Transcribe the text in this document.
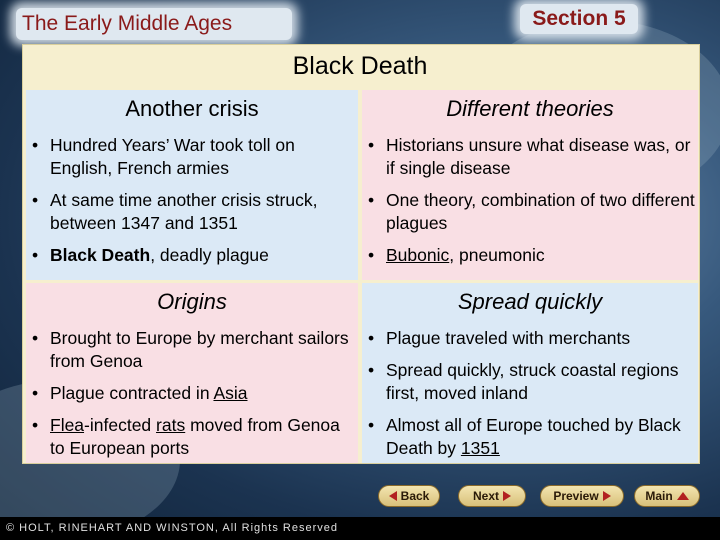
The Early Middle Ages	Section 5
Black Death
Another crisis
• Hundred Years’ War took toll on English, French armies
• At same time another crisis struck, between 1347 and 1351
• Black Death, deadly plague
Different theories
• Historians unsure what disease was, or if single disease
• One theory, combination of two different plagues
• Bubonic, pneumonic
Origins
• Brought to Europe by merchant sailors from Genoa
• Plague contracted in Asia
• Flea-infected rats moved from Genoa to European ports
Spread quickly
• Plague traveled with merchants
• Spread quickly, struck coastal regions first, moved inland
• Almost all of Europe touched by Black Death by 1351
Back	Next	Preview	Main
© HOLT, RINEHART AND WINSTON, All Rights Reserved
